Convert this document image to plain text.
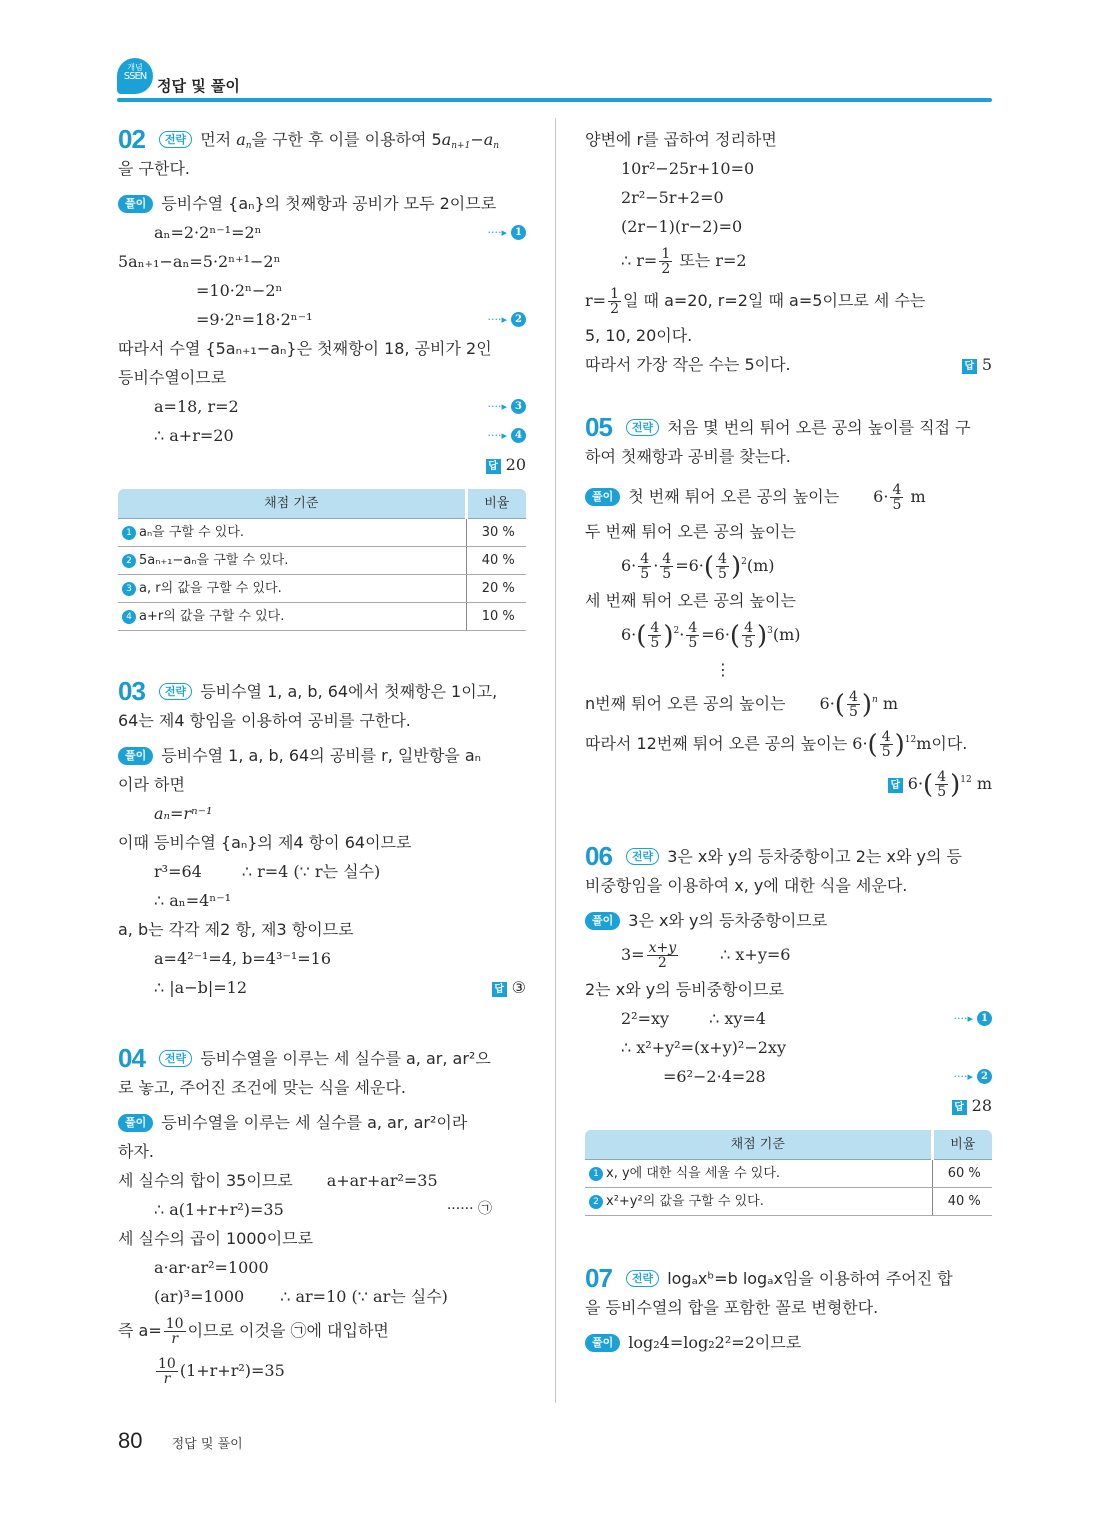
개념
SSEN
정답 및 풀이
02 전략 먼저 $a_n$을 구한 후 이를 이용하여 $5a_{n+1}-a_n$
을 구한다.
풀이 등비수열 {aₙ}의 첫째항과 공비가 모두 2이므로
aₙ=2·2ⁿ⁻¹=2ⁿ	····▸ 1
5aₙ₊₁−aₙ=5·2ⁿ⁺¹−2ⁿ
=10·2ⁿ−2ⁿ
=9·2ⁿ=18·2ⁿ⁻¹	····▸ 2
따라서 수열 {5aₙ₊₁−aₙ}은 첫째항이 18, 공비가 2인
등비수열이므로
a=18, r=2	····▸ 3
∴ a+r=20	····▸ 4
답 20
채점 기준	비율
1 aₙ을 구할 수 있다.	30 %
2 5aₙ₊₁−aₙ을 구할 수 있다.	40 %
3 a, r의 값을 구할 수 있다.	20 %
4 a+r의 값을 구할 수 있다.	10 %
03 전략 등비수열 1, a, b, 64에서 첫째항은 1이고,
64는 제4 항임을 이용하여 공비를 구한다.
풀이 등비수열 1, a, b, 64의 공비를 r, 일반항을 aₙ
이라 하면
aₙ=rⁿ⁻¹
이때 등비수열 {aₙ}의 제4 항이 64이므로
r³=64	∴ r=4 (∵ r는 실수)
∴ aₙ=4ⁿ⁻¹
a, b는 각각 제2 항, 제3 항이므로
a=4²⁻¹=4, b=4³⁻¹=16
∴ |a−b|=12	답 ③
04 전략 등비수열을 이루는 세 실수를 a, ar, ar²으
로 놓고, 주어진 조건에 맞는 식을 세운다.
풀이 등비수열을 이루는 세 실수를 a, ar, ar²이라
하자.
세 실수의 합이 35이므로 a+ar+ar²=35
∴ a(1+r+r²)=35	······ ㉠
세 실수의 곱이 1000이므로
a·ar·ar²=1000
(ar)³=1000 ∴ ar=10 (∵ ar는 실수)
즉 $a= \frac{10}{r}$ 이므로 이것을 ㉠에 대입하면
$\frac{10}{r} (1+r+r^2)=35$
양변에 r를 곱하여 정리하면
10r²−25r+10=0
2r²−5r+2=0
(2r−1)(r−2)=0
∴ $r= \frac{1}{2}$ 또는 r=2
$r= \frac{1}{2}$ 일 때 a=20, r=2일 때 a=5이므로 세 수는
5, 10, 20이다.
따라서 가장 작은 수는 5이다.	답 5
05 전략 처음 몇 번의 튀어 오른 공의 높이를 직접 구
하여 첫째항과 공비를 찾는다.
풀이 첫 번째 튀어 오른 공의 높이는 $6\cdot \frac{4}{5}$ m
두 번째 튀어 오른 공의 높이는
$6\cdot \frac{4}{5} \cdot \frac{4}{5} =6\cdot( \frac{4}{5} )^2(m)$
세 번째 튀어 오른 공의 높이는
$6\cdot( \frac{4}{5} )^2\cdot \frac{4}{5} =6\cdot( \frac{4}{5} )^3(m)$
⋮
n번째 튀어 오른 공의 높이는 $6\cdot( \frac{4}{5} )^n$ m
따라서 12번째 튀어 오른 공의 높이는 $6\cdot( \frac{4}{5} )^{12}m$이다.
답 $6\cdot( \frac{4}{5} )^{12}$ m
06 전략 3은 x와 y의 등차중항이고 2는 x와 y의 등
비중항임을 이용하여 x, y에 대한 식을 세운다.
풀이 3은 x와 y의 등차중항이므로
$3= \frac{x+y}{2}$	∴ x+y=6
2는 x와 y의 등비중항이므로
2²=xy	∴ xy=4	····▸ 1
∴ x²+y²=(x+y)²−2xy
=6²−2·4=28	····▸ 2
답 28
채점 기준	비율
1 x, y에 대한 식을 세울 수 있다.	60 %
2 x²+y²의 값을 구할 수 있다.	40 %
07 전략 logₐxᵇ=b logₐx임을 이용하여 주어진 합
을 등비수열의 합을 포함한 꼴로 변형한다.
풀이 log₂4=log₂2²=2이므로
80 정답 및 풀이
